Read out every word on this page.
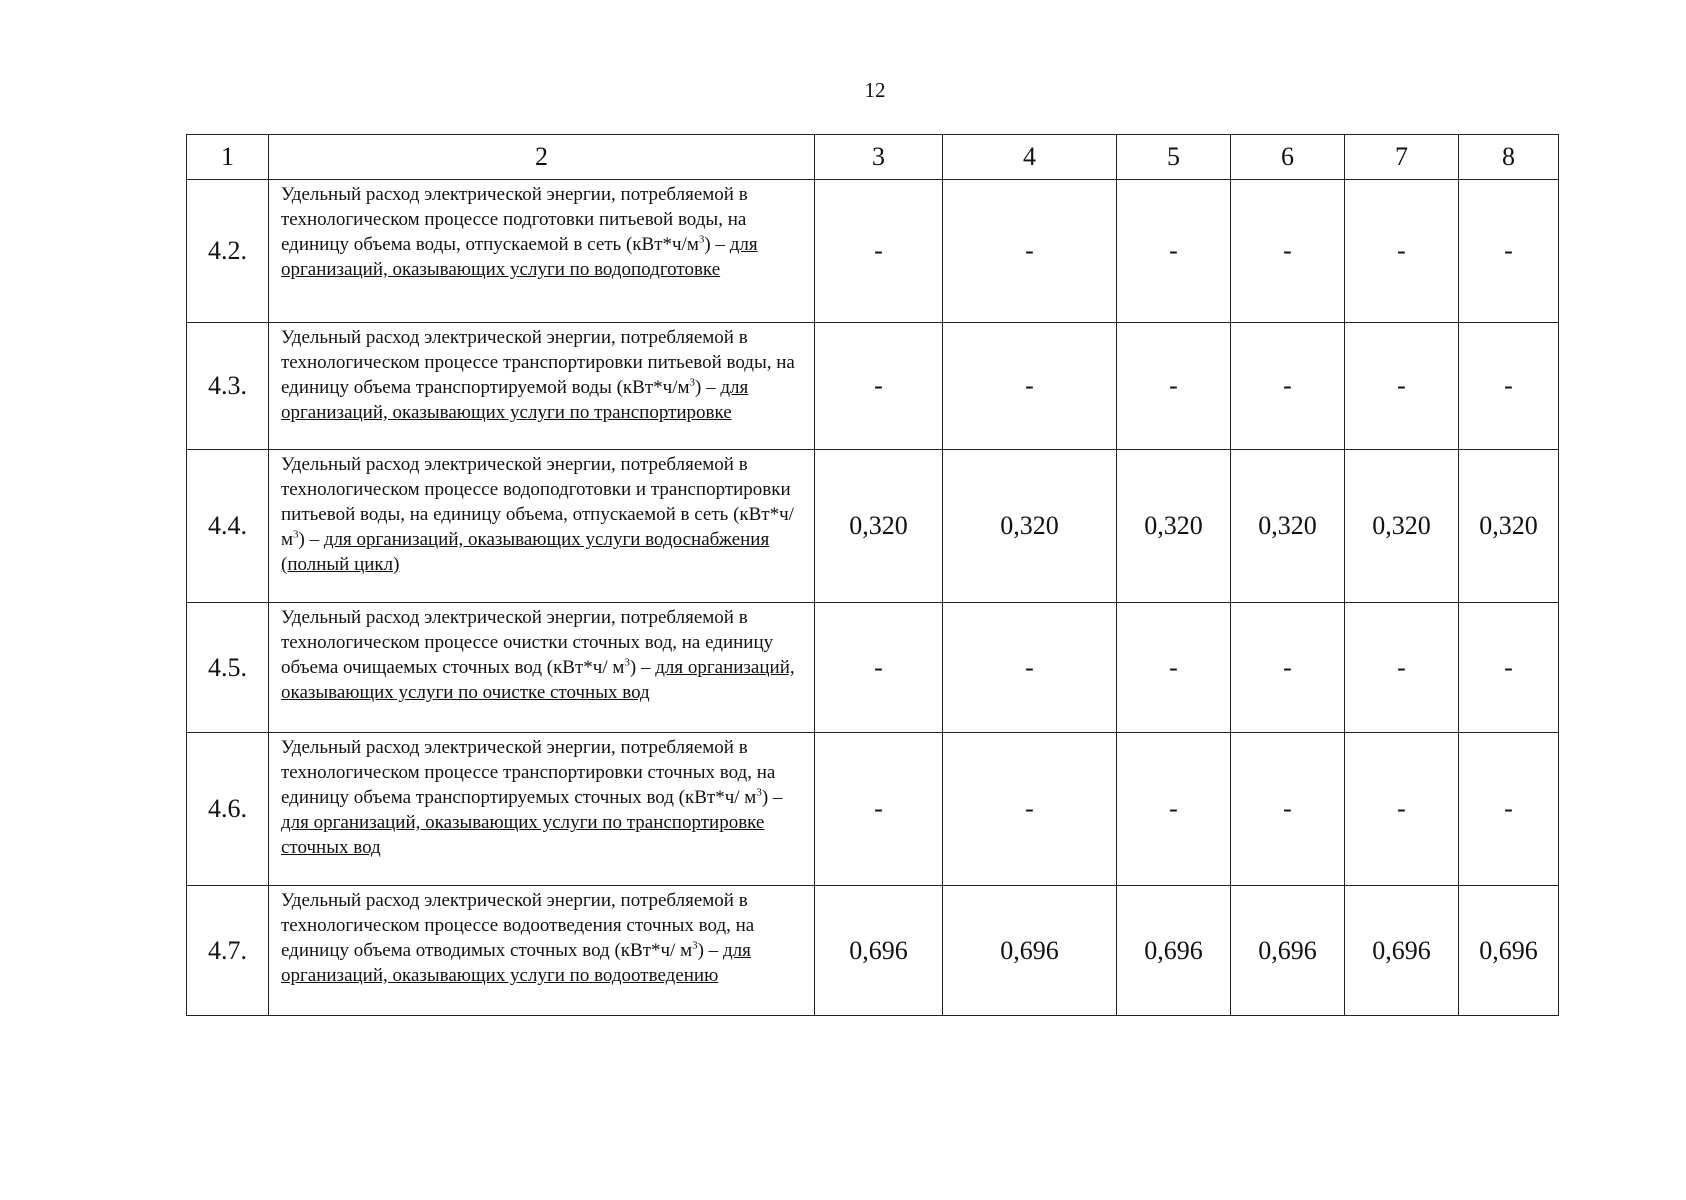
12
1	2	3	4	5	6	7	8
4.2.	Удельный расход электрической энергии, потребляемой в технологическом процессе подготовки питьевой воды, на единицу объема воды, отпускаемой в сеть $(кВт*ч/м^3)$ – для организаций, оказывающих услуги по водоподготовке	-	-	-	-	-	-
4.3.	Удельный расход электрической энергии, потребляемой в технологическом процессе транспортировки питьевой воды, на единицу объема транспортируемой воды $(кВт*ч/м^3)$ – для организаций, оказывающих услуги по транспортировке	-	-	-	-	-	-
4.4.	Удельный расход электрической энергии, потребляемой в технологическом процессе водоподготовки и транспортировки питьевой воды, на единицу объема, отпускаемой в сеть $(кВт*ч/м^3)$ – для организаций, оказывающих услуги водоснабжения (полный цикл)	0,320	0,320	0,320	0,320	0,320	0,320
4.5.	Удельный расход электрической энергии, потребляемой в технологическом процессе очистки сточных вод, на единицу объема очищаемых сточных вод (кВт*ч/ $м^3$) – для организаций, оказывающих услуги по очистке сточных вод	-	-	-	-	-	-
4.6.	Удельный расход электрической энергии, потребляемой в технологическом процессе транспортировки сточных вод, на единицу объема транспортируемых сточных вод (кВт*ч/ $м^3$) – для организаций, оказывающих услуги по транспортировке сточных вод	-	-	-	-	-	-
4.7.	Удельный расход электрической энергии, потребляемой в технологическом процессе водоотведения сточных вод, на единицу объема отводимых сточных вод (кВт*ч/ $м^3$) – для организаций, оказывающих услуги по водоотведению	0,696	0,696	0,696	0,696	0,696	0,696
